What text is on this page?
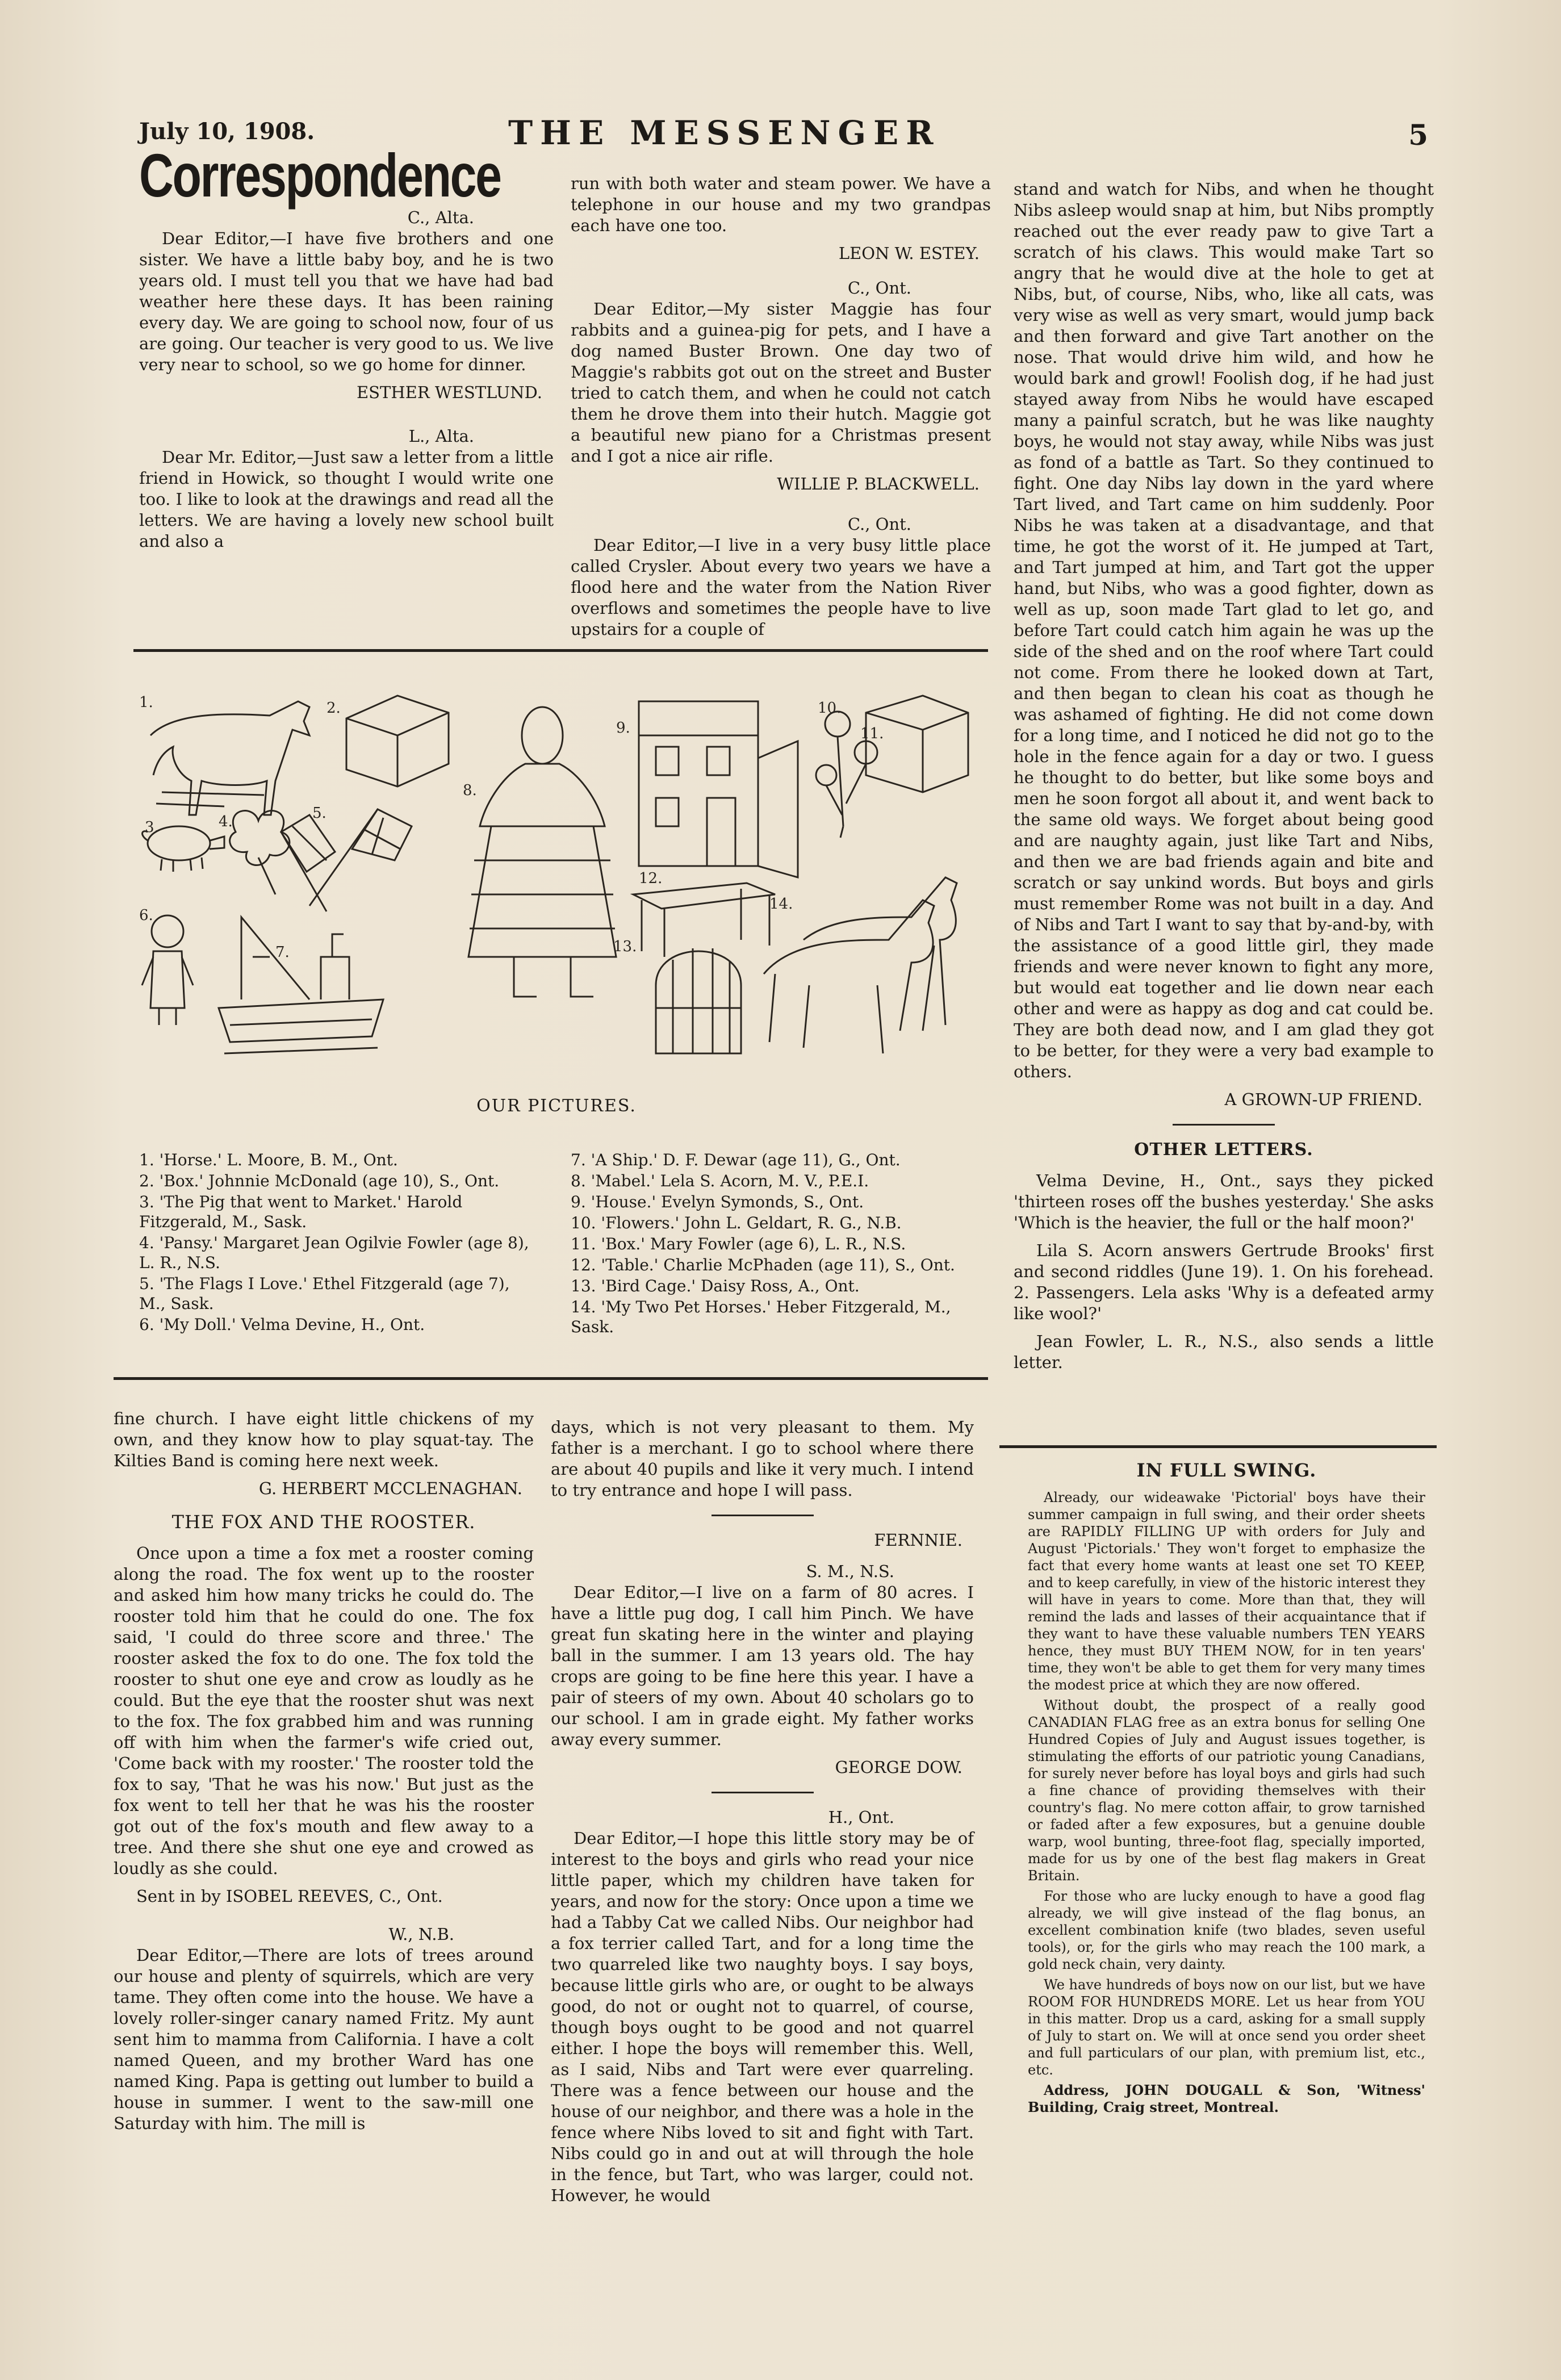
July 10, 1908.	THE MESSENGER	5
Correspondence
C., Alta.

Dear Editor,—I have five brothers and one sister. We have a little baby boy, and he is two years old. I must tell you that we have had bad weather here these days. It has been raining every day. We are going to school now, four of us are going. Our teacher is very good to us. We live very near to school, so we go home for dinner.

ESTHER WESTLUND.
L., Alta.

Dear Mr. Editor,—Just saw a letter from a little friend in Howick, so thought I would write one too. I like to look at the drawings and read all the letters. We are having a lovely new school built and also a

run with both water and steam power. We have a telephone in our house and my two grandpas each have one too.

LEON W. ESTEY.
C., Ont.

Dear Editor,—My sister Maggie has four rabbits and a guinea-pig for pets, and I have a dog named Buster Brown. One day two of Maggie's rabbits got out on the street and Buster tried to catch them, and when he could not catch them he drove them into their hutch. Maggie got a beautiful new piano for a Christmas present and I got a nice air rifle.

WILLIE P. BLACKWELL.
C., Ont.

Dear Editor,—I live in a very busy little place called Crysler. About every two years we have a flood here and the water from the Nation River overflows and sometimes the people have to live upstairs for a couple of

stand and watch for Nibs, and when he thought Nibs asleep would snap at him, but Nibs promptly reached out the ever ready paw to give Tart a scratch of his claws. This would make Tart so angry that he would dive at the hole to get at Nibs, but, of course, Nibs, who, like all cats, was very wise as well as very smart, would jump back and then forward and give Tart another on the nose. That would drive him wild, and how he would bark and growl! Foolish dog, if he had just stayed away from Nibs he would have escaped many a painful scratch, but he was like naughty boys, he would not stay away, while Nibs was just as fond of a battle as Tart. So they continued to fight. One day Nibs lay down in the yard where Tart lived, and Tart came on him suddenly. Poor Nibs he was taken at a disadvantage, and that time, he got the worst of it. He jumped at Tart, and Tart jumped at him, and Tart got the upper hand, but Nibs, who was a good fighter, down as well as up, soon made Tart glad to let go, and before Tart could catch him again he was up the side of the shed and on the roof where Tart could not come. From there he looked down at Tart, and then began to clean his coat as though he was ashamed of fighting. He did not come down for a long time, and I noticed he did not go to the hole in the fence again for a day or two. I guess he thought to do better, but like some boys and men he soon forgot all about it, and went back to the same old ways. We forget about being good and are naughty again, just like Tart and Nibs, and then we are bad friends again and bite and scratch or say unkind words. But boys and girls must remember Rome was not built in a day. And of Nibs and Tart I want to say that by-and-by, with the assistance of a good little girl, they made friends and were never known to fight any more, but would eat together and lie down near each other and were as happy as dog and cat could be. They are both dead now, and I am glad they got to be better, for they were a very bad example to others.

A GROWN-UP FRIEND.
OTHER LETTERS.

Velma Devine, H., Ont., says they picked 'thirteen roses off the bushes yesterday.' She asks 'Which is the heavier, the full or the half moon?'

Lila S. Acorn answers Gertrude Brooks' first and second riddles (June 19). 1. On his forehead. 2. Passengers. Lela asks 'Why is a defeated army like wool?'

Jean Fowler, L. R., N.S., also sends a little letter.

1.	2.
3.	4.	5.
6.
7.
8.
9.
10.
11.
12.
13.
14.
OUR PICTURES.
1. 'Horse.' L. Moore, B. M., Ont.
2. 'Box.' Johnnie McDonald (age 10), S., Ont.
3. 'The Pig that went to Market.' Harold Fitzgerald, M., Sask.
4. 'Pansy.' Margaret Jean Ogilvie Fowler (age 8), L. R., N.S.
5. 'The Flags I Love.' Ethel Fitzgerald (age 7), M., Sask.
6. 'My Doll.' Velma Devine, H., Ont.
7. 'A Ship.' D. F. Dewar (age 11), G., Ont.
8. 'Mabel.' Lela S. Acorn, M. V., P.E.I.
9. 'House.' Evelyn Symonds, S., Ont.
10. 'Flowers.' John L. Geldart, R. G., N.B.
11. 'Box.' Mary Fowler (age 6), L. R., N.S.
12. 'Table.' Charlie McPhaden (age 11), S., Ont.
13. 'Bird Cage.' Daisy Ross, A., Ont.
14. 'My Two Pet Horses.' Heber Fitzgerald, M., Sask.

fine church. I have eight little chickens of my own, and they know how to play squat-tay. The Kilties Band is coming here next week.

G. HERBERT MCCLENAGHAN.
THE FOX AND THE ROOSTER.

Once upon a time a fox met a rooster coming along the road. The fox went up to the rooster and asked him how many tricks he could do. The rooster told him that he could do one. The fox said, 'I could do three score and three.' The rooster asked the fox to do one. The fox told the rooster to shut one eye and crow as loudly as he could. But the eye that the rooster shut was next to the fox. The fox grabbed him and was running off with him when the farmer's wife cried out, 'Come back with my rooster.' The rooster told the fox to say, 'That he was his now.' But just as the fox went to tell her that he was his the rooster got out of the fox's mouth and flew away to a tree. And there she shut one eye and crowed as loudly as she could.

Sent in by ISOBEL REEVES, C., Ont.

W., N.B.

Dear Editor,—There are lots of trees around our house and plenty of squirrels, which are very tame. They often come into the house. We have a lovely roller-singer canary named Fritz. My aunt sent him to mamma from California. I have a colt named Queen, and my brother Ward has one named King. Papa is getting out lumber to build a house in summer. I went to the saw-mill one Saturday with him. The mill is

days, which is not very pleasant to them. My father is a merchant. I go to school where there are about 40 pupils and like it very much. I intend to try entrance and hope I will pass.

FERNNIE.
S. M., N.S.

Dear Editor,—I live on a farm of 80 acres. I have a little pug dog, I call him Pinch. We have great fun skating here in the winter and playing ball in the summer. I am 13 years old. The hay crops are going to be fine here this year. I have a pair of steers of my own. About 40 scholars go to our school. I am in grade eight. My father works away every summer.

GEORGE DOW.
H., Ont.

Dear Editor,—I hope this little story may be of interest to the boys and girls who read your nice little paper, which my children have taken for years, and now for the story: Once upon a time we had a Tabby Cat we called Nibs. Our neighbor had a fox terrier called Tart, and for a long time the two quarreled like two naughty boys. I say boys, because little girls who are, or ought to be always good, do not or ought not to quarrel, of course, though boys ought to be good and not quarrel either. I hope the boys will remember this. Well, as I said, Nibs and Tart were ever quarreling. There was a fence between our house and the house of our neighbor, and there was a hole in the fence where Nibs loved to sit and fight with Tart. Nibs could go in and out at will through the hole in the fence, but Tart, who was larger, could not. However, he would

IN FULL SWING.

Already, our wideawake 'Pictorial' boys have their summer campaign in full swing, and their order sheets are RAPIDLY FILLING UP with orders for July and August 'Pictorials.' They won't forget to emphasize the fact that every home wants at least one set TO KEEP, and to keep carefully, in view of the historic interest they will have in years to come. More than that, they will remind the lads and lasses of their acquaintance that if they want to have these valuable numbers TEN YEARS hence, they must BUY THEM NOW, for in ten years' time, they won't be able to get them for very many times the modest price at which they are now offered.

Without doubt, the prospect of a really good CANADIAN FLAG free as an extra bonus for selling One Hundred Copies of July and August issues together, is stimulating the efforts of our patriotic young Canadians, for surely never before has loyal boys and girls had such a fine chance of providing themselves with their country's flag. No mere cotton affair, to grow tarnished or faded after a few exposures, but a genuine double warp, wool bunting, three-foot flag, specially imported, made for us by one of the best flag makers in Great Britain.

For those who are lucky enough to have a good flag already, we will give instead of the flag bonus, an excellent combination knife (two blades, seven useful tools), or, for the girls who may reach the 100 mark, a gold neck chain, very dainty.

We have hundreds of boys now on our list, but we have ROOM FOR HUNDREDS MORE. Let us hear from YOU in this matter. Drop us a card, asking for a small supply of July to start on. We will at once send you order sheet and full particulars of our plan, with premium list, etc., etc.

Address, JOHN DOUGALL & Son, 'Witness' Building, Craig street, Montreal.
